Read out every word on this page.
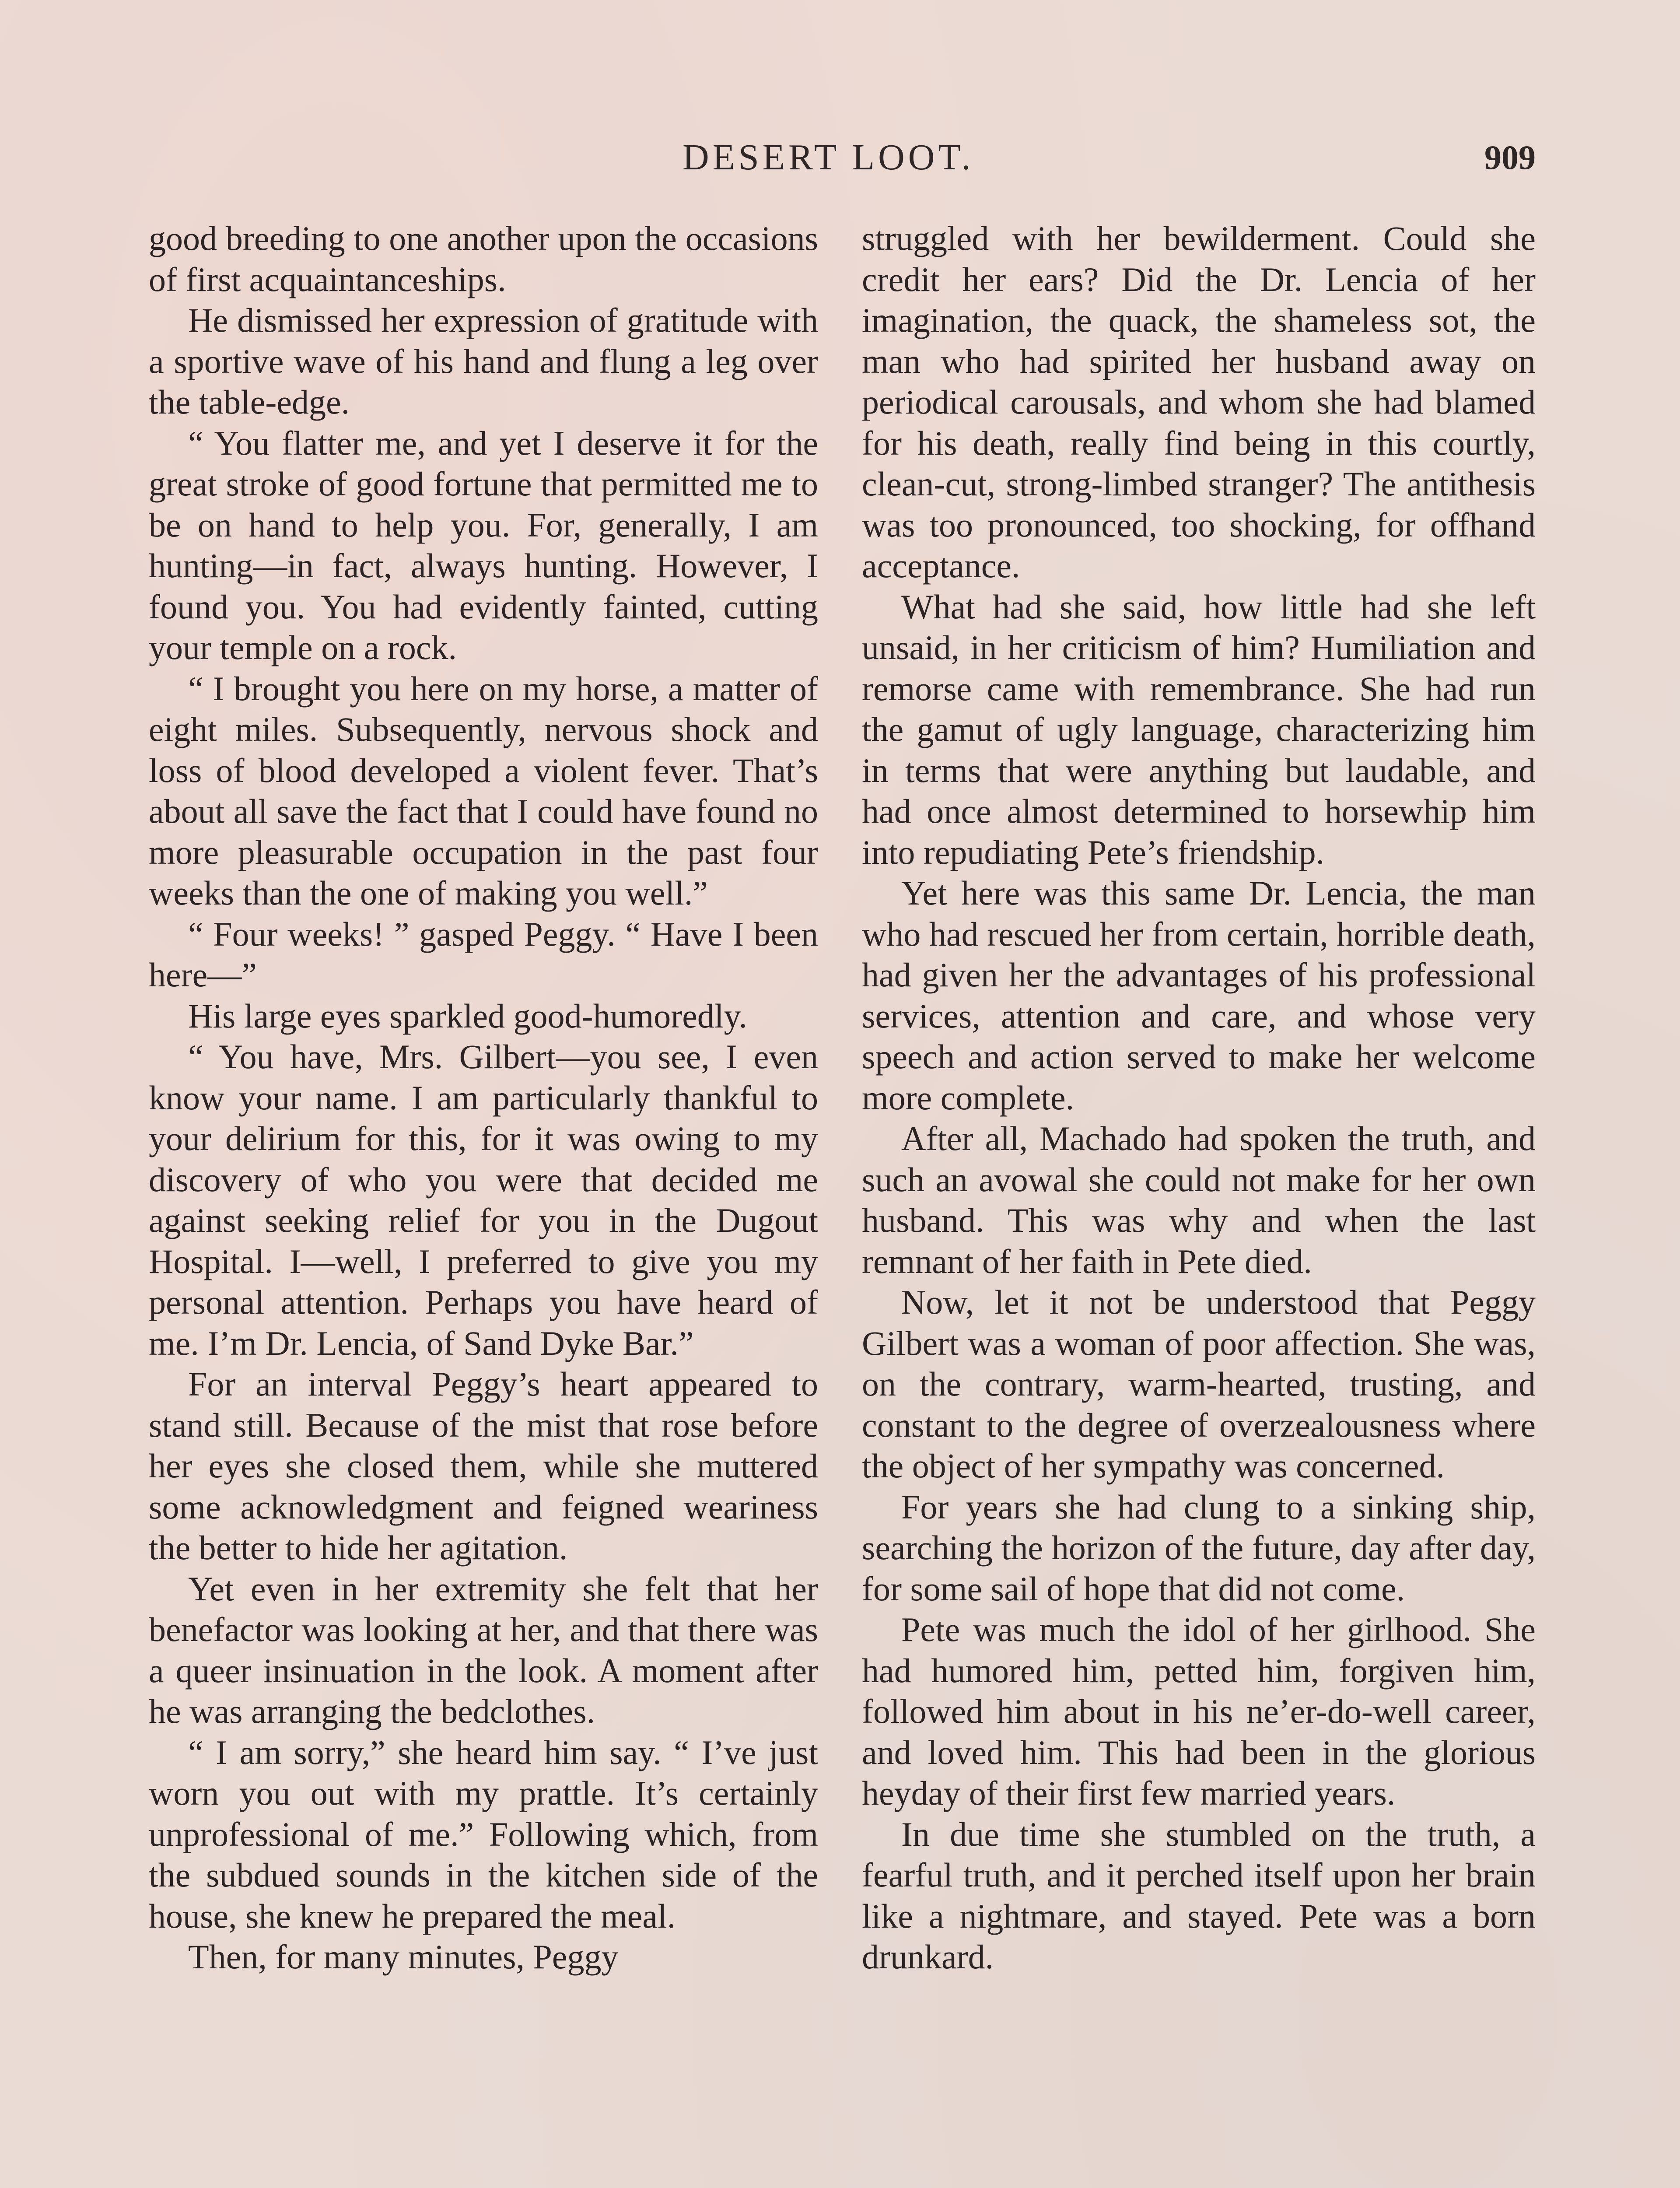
DESERT LOOT.	909

good breeding to one another upon the occasions of first acquaintanceships.

He dismissed her expression of gratitude with a sportive wave of his hand and flung a leg over the table-edge.

“ You flatter me, and yet I deserve it for the great stroke of good fortune that permitted me to be on hand to help you. For, generally, I am hunting—in fact, always hunting. However, I found you. You had evidently fainted, cutting your temple on a rock.

“ I brought you here on my horse, a matter of eight miles. Subsequently, nervous shock and loss of blood developed a violent fever. That’s about all save the fact that I could have found no more pleasurable occupation in the past four weeks than the one of making you well.”

“ Four weeks! ” gasped Peggy. “ Have I been here—”

His large eyes sparkled good-humoredly.

“ You have, Mrs. Gilbert—you see, I even know your name. I am particularly thankful to your delirium for this, for it was owing to my discovery of who you were that decided me against seeking relief for you in the Dugout Hospital. I—well, I preferred to give you my personal attention. Perhaps you have heard of me. I’m Dr. Lencia, of Sand Dyke Bar.”

For an interval Peggy’s heart appeared to stand still. Because of the mist that rose before her eyes she closed them, while she muttered some acknowledgment and feigned weariness the better to hide her agitation.

Yet even in her extremity she felt that her benefactor was looking at her, and that there was a queer insinuation in the look. A moment after he was arranging the bedclothes.

“ I am sorry,” she heard him say. “ I’ve just worn you out with my prattle. It’s certainly unprofessional of me.” Following which, from the subdued sounds in the kitchen side of the house, she knew he prepared the meal.

Then, for many minutes, Peggy

struggled with her bewilderment. Could she credit her ears? Did the Dr. Lencia of her imagination, the quack, the shameless sot, the man who had spirited her husband away on periodical carousals, and whom she had blamed for his death, really find being in this courtly, clean-cut, strong-limbed stranger? The antithesis was too pronounced, too shocking, for offhand acceptance.

What had she said, how little had she left unsaid, in her criticism of him? Humiliation and remorse came with remembrance. She had run the gamut of ugly language, characterizing him in terms that were anything but laudable, and had once almost determined to horsewhip him into repudiating Pete’s friendship.

Yet here was this same Dr. Lencia, the man who had rescued her from certain, horrible death, had given her the advantages of his professional services, attention and care, and whose very speech and action served to make her welcome more complete.

After all, Machado had spoken the truth, and such an avowal she could not make for her own husband. This was why and when the last remnant of her faith in Pete died.

Now, let it not be understood that Peggy Gilbert was a woman of poor affection. She was, on the contrary, warm-hearted, trusting, and constant to the degree of overzealousness where the object of her sympathy was concerned.

For years she had clung to a sinking ship, searching the horizon of the future, day after day, for some sail of hope that did not come.

Pete was much the idol of her girlhood. She had humored him, petted him, forgiven him, followed him about in his ne’er-do-well career, and loved him. This had been in the glorious heyday of their first few married years.

In due time she stumbled on the truth, a fearful truth, and it perched itself upon her brain like a nightmare, and stayed. Pete was a born drunkard.
